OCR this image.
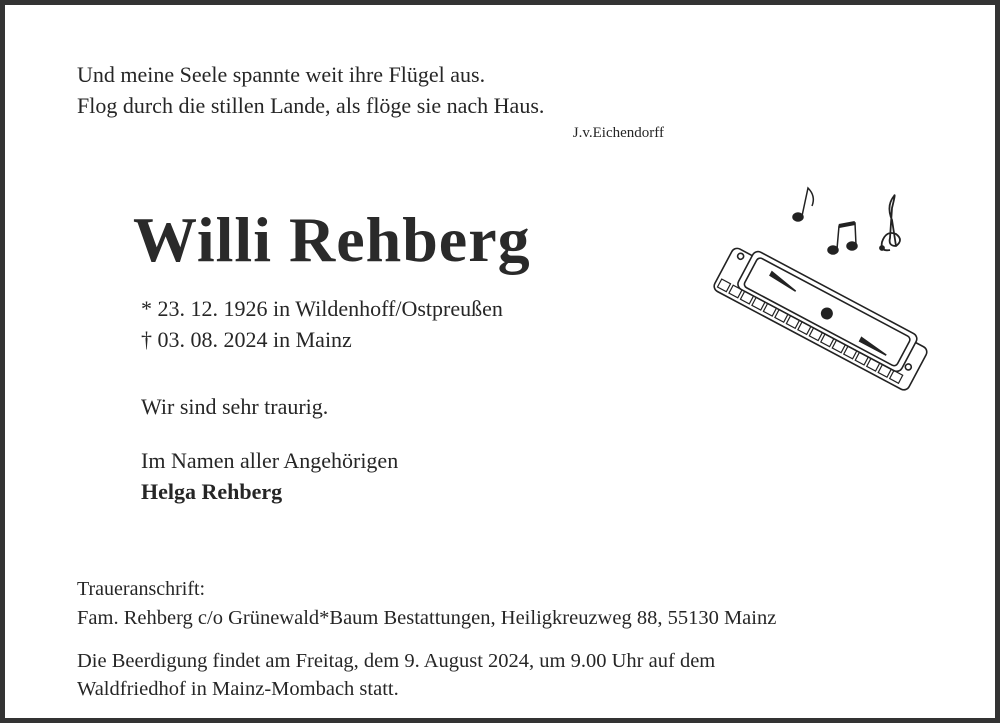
Und meine Seele spannte weit ihre Flügel aus.
Flog durch die stillen Lande, als flöge sie nach Haus.
J.v.Eichendorff
Willi Rehberg
* 23. 12. 1926 in Wildenhoff/Ostpreußen
† 03. 08. 2024 in Mainz
Wir sind sehr traurig.
Im Namen aller Angehörigen
Helga Rehberg
Traueranschrift:
Fam. Rehberg c/o Grünewald*Baum Bestattungen, Heiligkreuzweg 88, 55130 Mainz
Die Beerdigung findet am Freitag, dem 9. August 2024, um 9.00 Uhr auf dem
Waldfriedhof in Mainz-Mombach statt.
